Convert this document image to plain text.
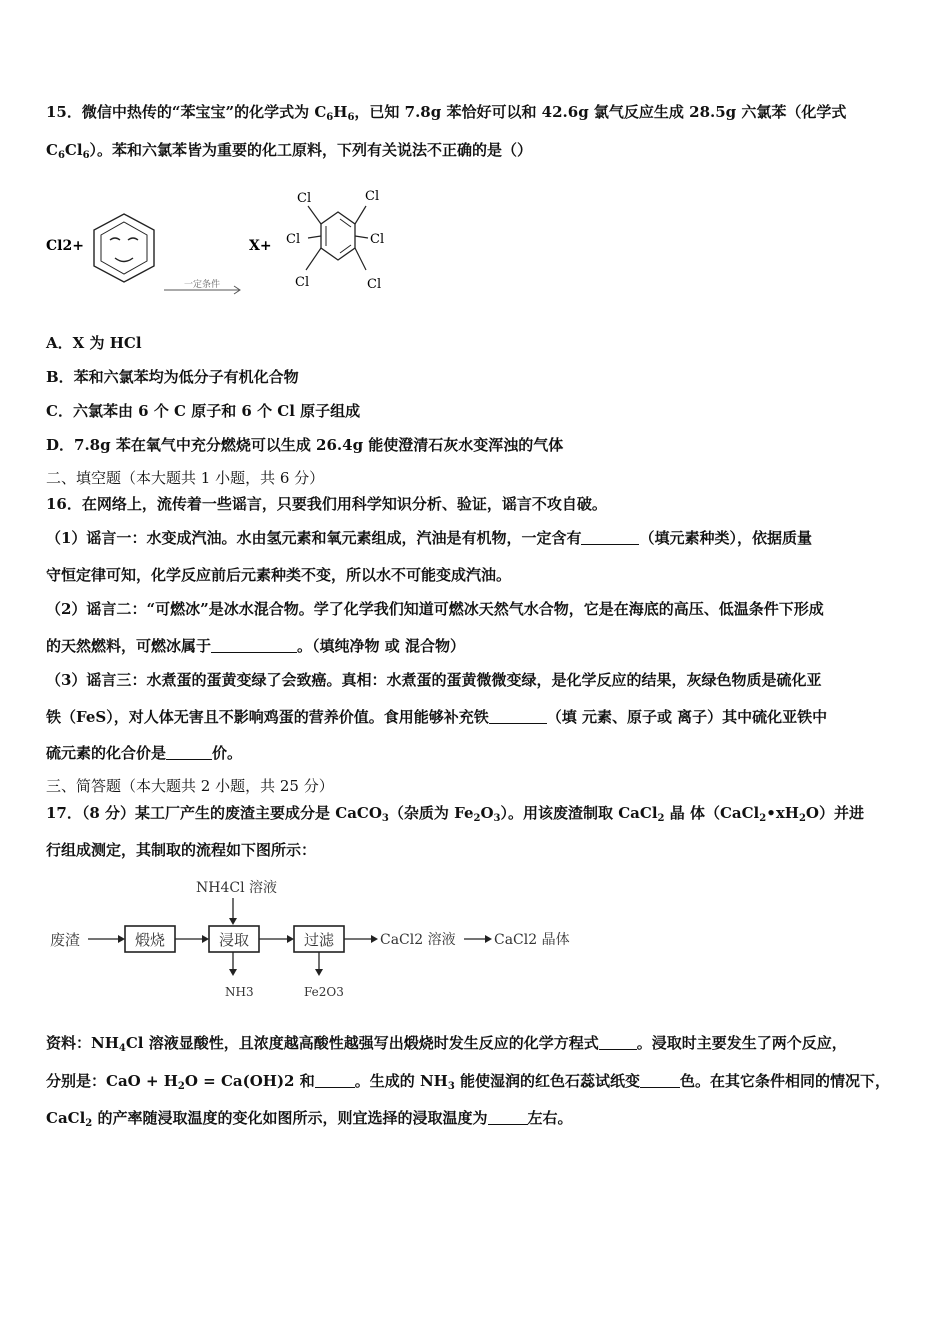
15．微信中热传的“苯宝宝”的化学式为 $C_6H_6$，已知 7.8g 苯恰好可以和 42.6g 氯气反应生成 28.5g 六氯苯（化学式
$C_6Cl_6$）。苯和六氯苯皆为重要的化工原料，下列有关说法不正确的是（）
Cl2+
一定条件
X+
Cl	Cl
Cl	Cl
Cl	Cl
A．X 为 HCl
B．苯和六氯苯均为低分子有机化合物
C．六氯苯由 6 个 C 原子和 6 个 Cl 原子组成
D．7.8g 苯在氧气中充分燃烧可以生成 26.4g 能使澄清石灰水变浑浊的气体
二、填空题（本大题共 1 小题，共 6 分）
16．在网络上，流传着一些谣言，只要我们用科学知识分析、验证，谣言不攻自破。
（1）谣言一：水变成汽油。水由氢元素和氧元素组成，汽油是有机物，一定含有	（填元素种类），依据质量
守恒定律可知，化学反应前后元素种类不变，所以水不可能变成汽油。
（2）谣言二：“可燃冰”是冰水混合物。学了化学我们知道可燃冰天然气水合物，它是在海底的高压、低温条件下形成
的天然燃料，可燃冰属于	。（填纯净物 或 混合物）
（3）谣言三：水煮蛋的蛋黄变绿了会致癌。真相：水煮蛋的蛋黄微微变绿，是化学反应的结果，灰绿色物质是硫化亚
铁（FeS），对人体无害且不影响鸡蛋的营养价值。食用能够补充铁	（填 元素、原子或 离子）其中硫化亚铁中
硫元素的化合价是	价。
三、简答题（本大题共 2 小题，共 25 分）
17．（8 分）某工厂产生的废渣主要成分是 CaCO$_3$（杂质为 $Fe_2O_3$）。用该废渣制取 CaCl$_2$ 晶 体$(CaCl_2•xH_2O)$并进
行组成测定，其制取的流程如下图所示：
NH4Cl 溶液
废渣	煅烧	浸取	过滤	CaCl2 溶液	CaCl2 晶体
NH3	Fe2O3
资料：$NH_4Cl$ 溶液显酸性，且浓度越高酸性越强写出煅烧时发生反应的化学方程式	。浸取时主要发生了两个反应，
分别是：CaO + $H_2O = Ca(OH)2$ 和	。生成的 $NH_3$ 能使湿润的红色石蕊试纸变	色。在其它条件相同的情况下，
CaCl$_2$ 的产率随浸取温度的变化如图所示，则宜选择的浸取温度为	左右。
